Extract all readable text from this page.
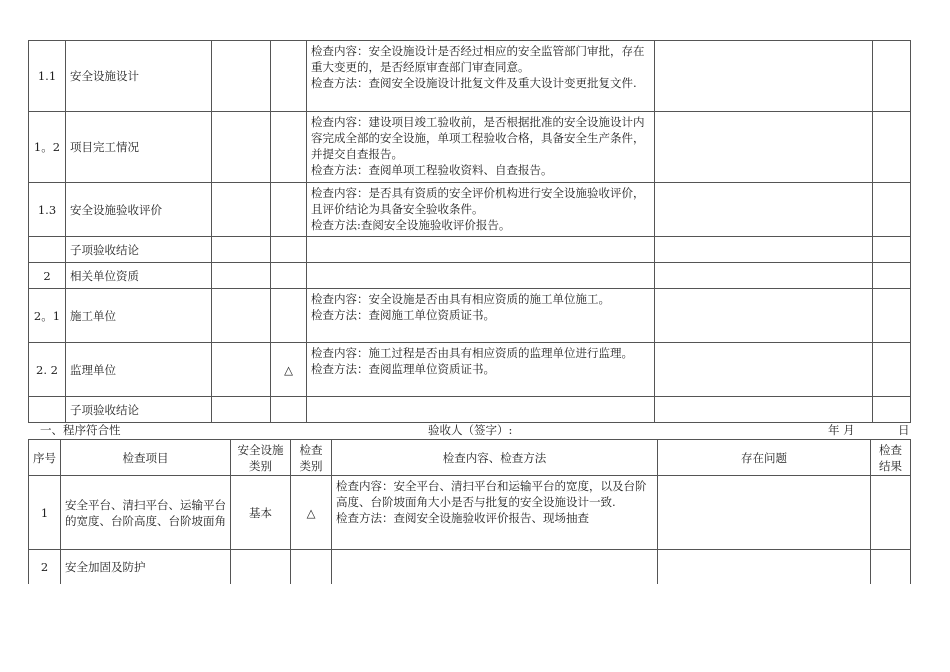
1.1	安全设施设计			检查内容：安全设施设计是否经过相应的安全监管部门审批，存在重大变更的，是否经原审查部门审查同意。
检查方法：查阅安全设施设计批复文件及重大设计变更批复文件.		

1。2	项目完工情况			检查内容：建设项目竣工验收前，是否根据批准的安全设施设计内容完成全部的安全设施，单项工程验收合格，具备安全生产条件，并提交自查报告。
检查方法：查阅单项工程验收资料、自查报告。		

1.3	安全设施验收评价			检查内容：是否具有资质的安全评价机构进行安全设施验收评价，且评价结论为具备安全验收条件。
检查方法:查阅安全设施验收评价报告。		

	子项验收结论					
2	相关单位资质					
2。1	施工单位			检查内容：安全设施是否由具有相应资质的施工单位施工。
检查方法：查阅施工单位资质证书。		

2. 2	监理单位		△	检查内容：施工过程是否由具有相应资质的监理单位进行监理。
检查方法：查阅监理单位资质证书。		

	子项验收结论					
一、程序符合性	验收人（签字）:	年 月	日
序号	检查项目	安全设施类别	检查类别	检查内容、检查方法	存在问题	检查结果
1	安全平台、清扫平台、运输平台的宽度、台阶高度、台阶坡面角	基本	△	检查内容：安全平台、清扫平台和运输平台的宽度，以及台阶高度、台阶坡面角大小是否与批复的安全设施设计一致.
检查方法：查阅安全设施验收评价报告、现场抽查		

2	安全加固及防护					
